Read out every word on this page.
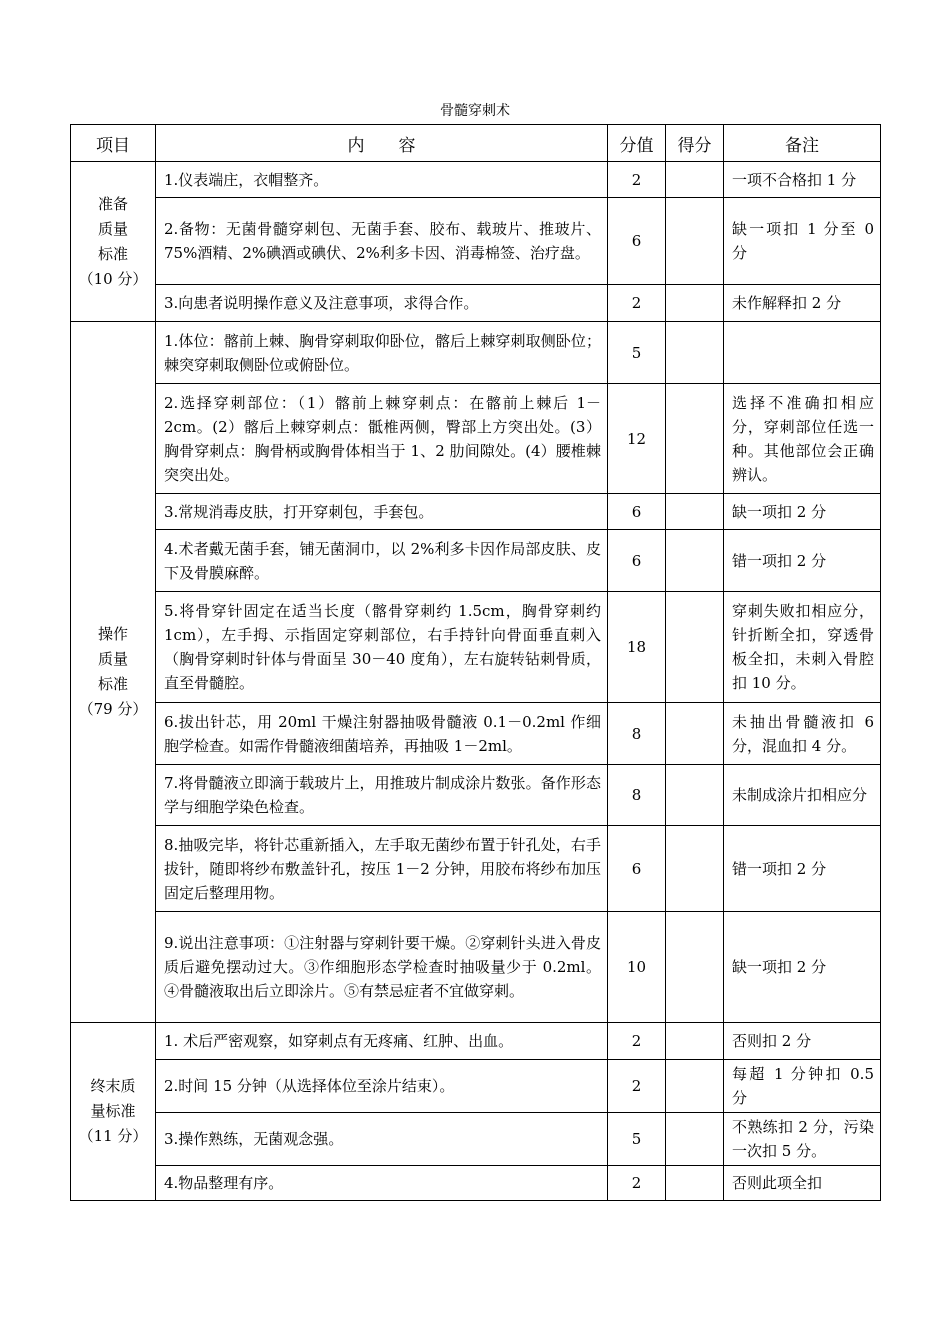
骨髓穿刺术
项目	内　　容	分值	得分	备注

准备
质量
标准
（10 分）	1.仪表端庄，衣帽整齐。	2		一项不合格扣 1 分
	2.备物：无菌骨髓穿刺包、无菌手套、胶布、载玻片、推玻片、75%酒精、2%碘酒或碘伏、2%利多卡因、消毒棉签、治疗盘。	6		缺一项扣 1 分至 0 分
	3.向患者说明操作意义及注意事项，求得合作。	2		未作解释扣 2 分

操作
质量
标准
（79 分）	1.体位：髂前上棘、胸骨穿刺取仰卧位，髂后上棘穿刺取侧卧位；棘突穿刺取侧卧位或俯卧位。	5		
	2.选择穿刺部位：（1）髂前上棘穿刺点：在髂前上棘后 1－2cm。(2）髂后上棘穿刺点：骶椎两侧，臀部上方突出处。(3）胸骨穿刺点：胸骨柄或胸骨体相当于 1、2 肋间隙处。(4）腰椎棘突突出处。	12		选择不准确扣相应分，穿刺部位任选一种。其他部位会正确辨认。
	3.常规消毒皮肤，打开穿刺包，手套包。	6		缺一项扣 2 分
	4.术者戴无菌手套，铺无菌洞巾，以 2%利多卡因作局部皮肤、皮下及骨膜麻醉。	6		错一项扣 2 分
	5.将骨穿针固定在适当长度（髂骨穿刺约 1.5cm，胸骨穿刺约 1cm），左手拇、示指固定穿刺部位，右手持针向骨面垂直刺入（胸骨穿刺时针体与骨面呈 30－40 度角），左右旋转钻刺骨质，直至骨髓腔。	18		穿刺失败扣相应分，针折断全扣，穿透骨板全扣，未刺入骨腔扣 10 分。
	6.拔出针芯，用 20ml 干燥注射器抽吸骨髓液 0.1－0.2ml 作细胞学检查。如需作骨髓液细菌培养，再抽吸 1－2ml。	8		未抽出骨髓液扣 6 分，混血扣 4 分。
	7.将骨髓液立即滴于载玻片上，用推玻片制成涂片数张。备作形态学与细胞学染色检查。	8		未制成涂片扣相应分
	8.抽吸完毕，将针芯重新插入，左手取无菌纱布置于针孔处，右手拔针，随即将纱布敷盖针孔，按压 1－2 分钟，用胶布将纱布加压固定后整理用物。	6		错一项扣 2 分
	9.说出注意事项：①注射器与穿刺针要干燥。②穿刺针头进入骨皮质后避免摆动过大。③作细胞形态学检查时抽吸量少于 0.2ml。④骨髓液取出后立即涂片。⑤有禁忌症者不宜做穿刺。	10		缺一项扣 2 分

终末质
量标准
（11 分）	1. 术后严密观察，如穿刺点有无疼痛、红肿、出血。	2		否则扣 2 分
	2.时间 15 分钟（从选择体位至涂片结束）。	2		每超 1 分钟扣 0.5 分
	3.操作熟练，无菌观念强。	5		不熟练扣 2 分，污染一次扣 5 分。
	4.物品整理有序。	2		否则此项全扣
